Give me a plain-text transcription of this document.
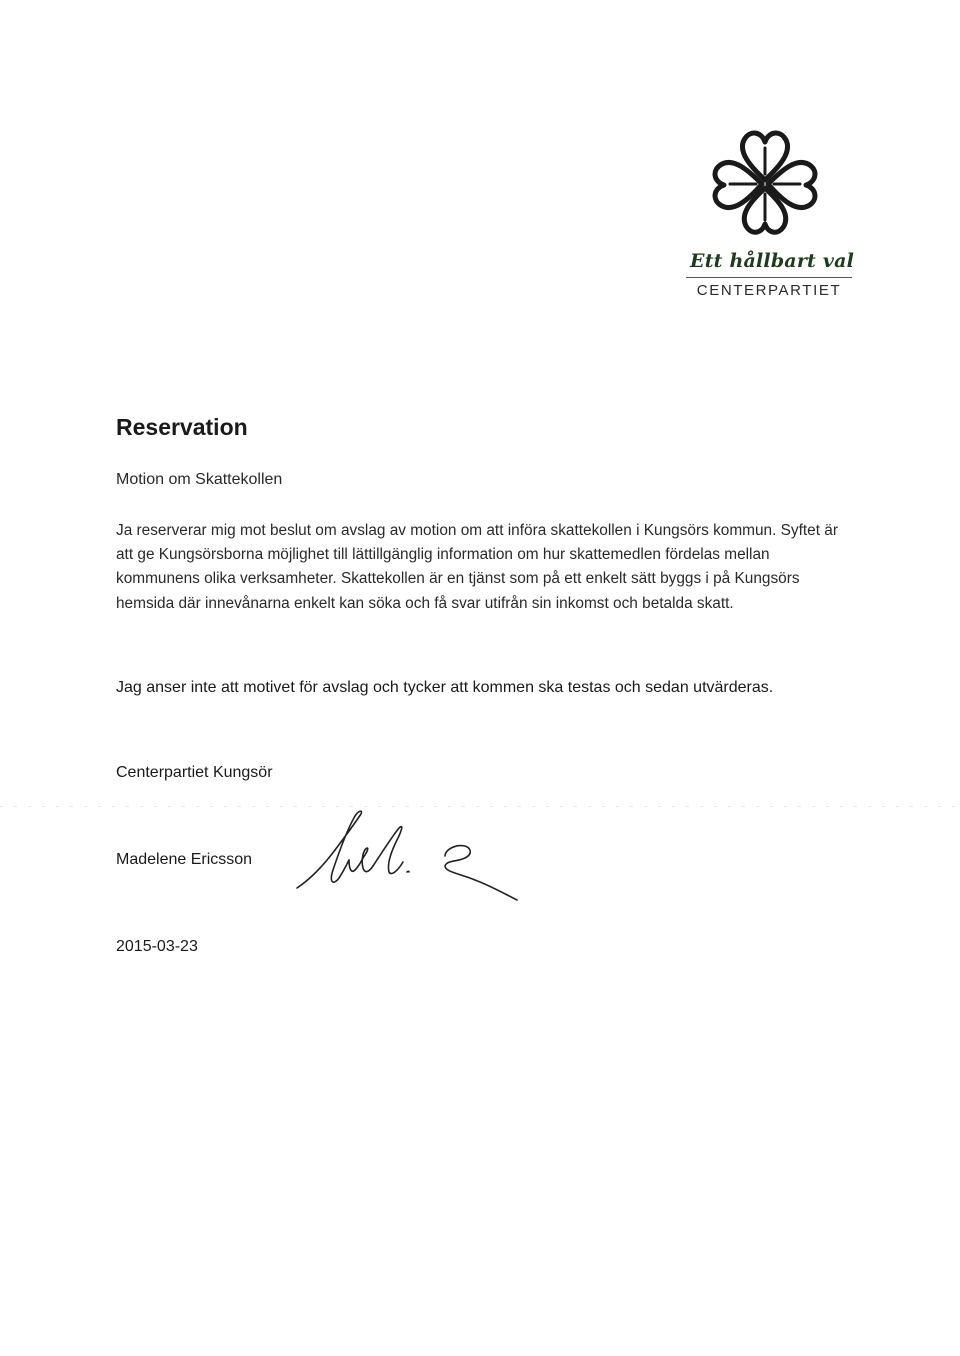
Ett hållbart val
CENTERPARTIET
Reservation

Motion om Skattekollen

Ja reserverar mig mot beslut om avslag av motion om att införa skattekollen i Kungsörs kommun. Syftet är att ge Kungsörsborna möjlighet till lättillgänglig information om hur skattemedlen fördelas mellan kommunens olika verksamheter. Skattekollen är en tjänst som på ett enkelt sätt byggs i på Kungsörs hemsida där innevånarna enkelt kan söka och få svar utifrån sin inkomst och betalda skatt.

Jag anser inte att motivet för avslag och tycker att kommen ska testas och sedan utvärderas.

Centerpartiet Kungsör

Madelene Ericsson

2015-03-23
